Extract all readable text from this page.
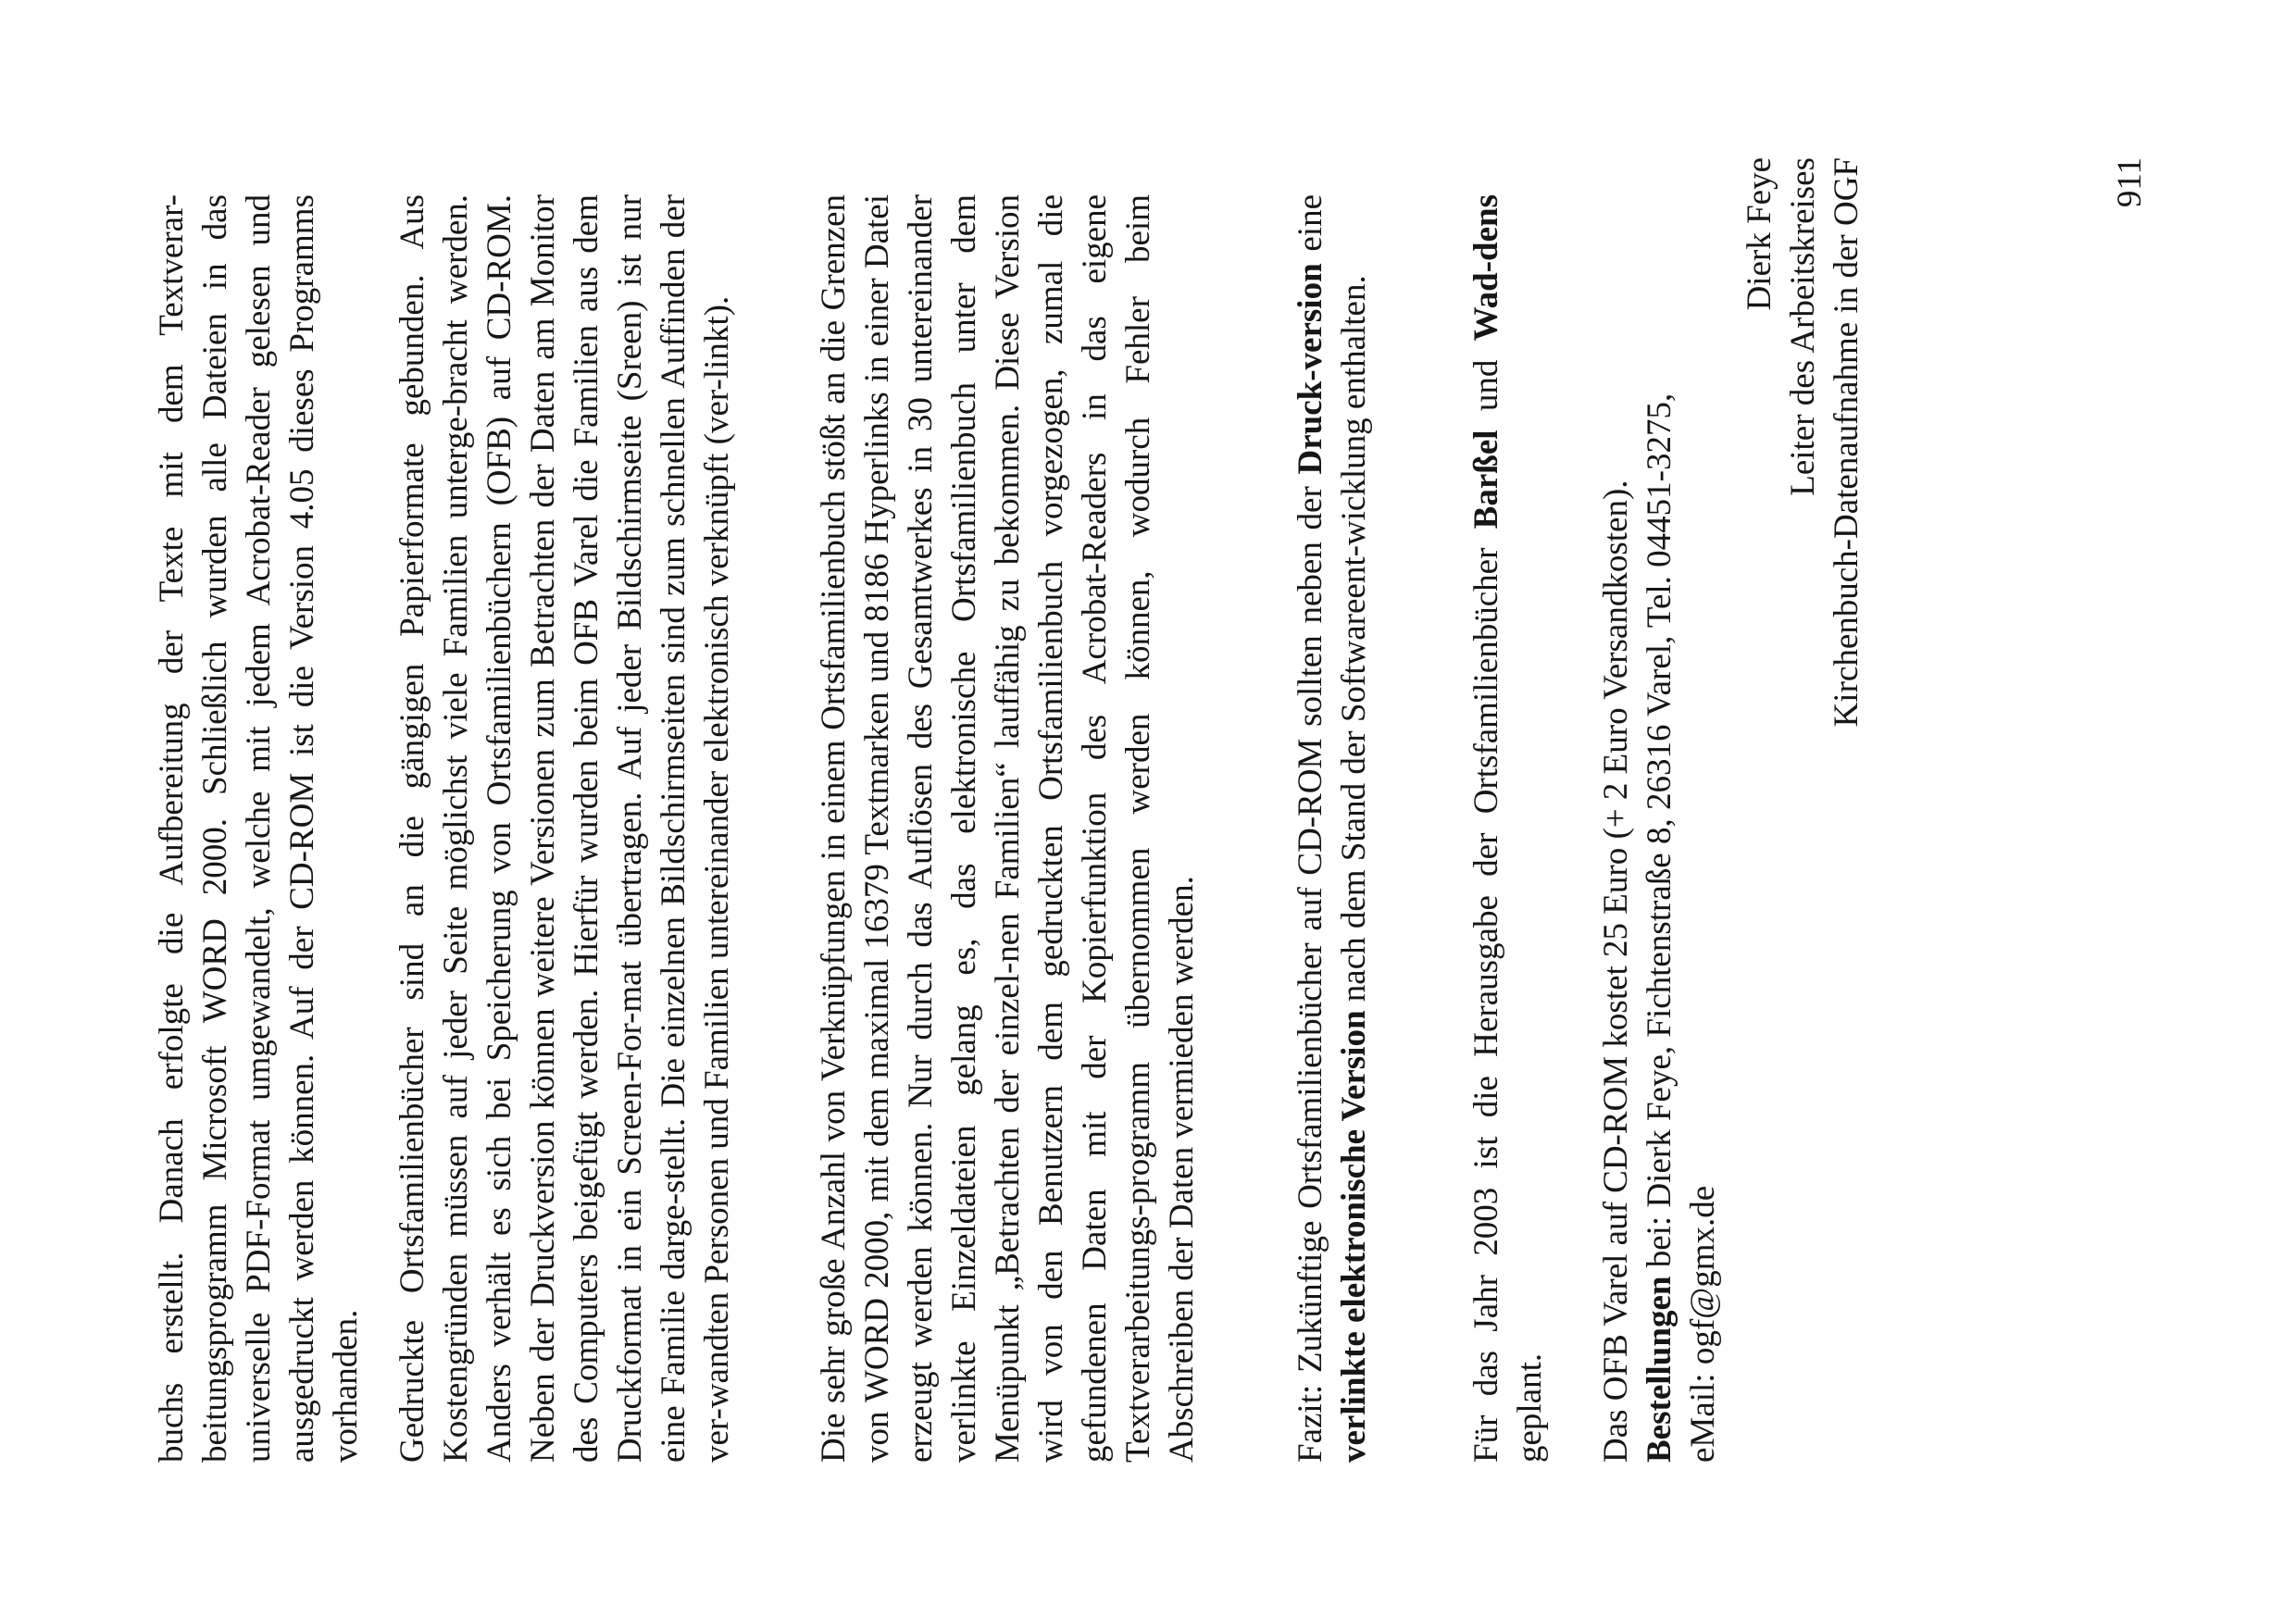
buchs erstellt. Danach erfolgte die Aufbereitung der Texte mit dem Textverar-beitungsprogramm Microsoft WORD 2000. Schließlich wurden alle Dateien in das universelle PDF-Format umgewandelt, welche mit jedem Acrobat-Reader gelesen und ausgedruckt werden können. Auf der CD-ROM ist die Version 4.05 dieses Programms vorhanden. Gedruckte Ortsfamilienbücher sind an die gängigen Papierformate gebunden. Aus Kostengründen müssen auf jeder Seite möglichst viele Familien unterge-bracht werden. Anders verhält es sich bei Speicherung von Ortsfamilienbüchern (OFB) auf CD-ROM. Neben der Druckversion können weitere Versionen zum Betrachten der Daten am Monitor des Computers beigefügt werden. Hierfür wurden beim OFB Varel die Familien aus dem Druckformat in ein Screen-For-mat übertragen. Auf jeder Bildschirmseite (Sreen) ist nur eine Familie darge-stellt. Die einzelnen Bildschirmseiten sind zum schnellen Auffinden der ver-wandten Personen und Familien untereinander elektronisch verknüpft (ver-linkt). Die sehr große Anzahl von Verknüpfungen in einem Ortsfamilienbuch stößt an die Grenzen von WORD 2000, mit dem maximal 16379 Textmarken und 8186 Hyperlinks in einer Datei erzeugt werden können. Nur durch das Auflösen des Gesamtwerkes in 30 untereinander verlinkte Einzeldateien gelang es, das elektronische Ortsfamilienbuch unter dem Menüpunkt „Betrachten der einzel-nen Familien“ lauffähig zu bekommen. Diese Version wird von den Benutzern dem gedruckten Ortsfamilienbuch vorgezogen, zumal die gefundenen Daten mit der Kopierfunktion des Acrobat-Readers in das eigene Textverarbeitungs-programm übernommen werden können, wodurch Fehler beim Abschreiben der Daten vermieden werden.	Fazit: Zukünftige Ortsfamilienbücher auf CD-ROM sollten neben der Druck-version eine verlinkte elektronische Version nach dem Stand der Softwareent-wicklung enthalten.	Für das Jahr 2003 ist die Herausgabe der Ortsfamilienbücher Barßel und Wad-dens geplant. Das OFB Varel auf CD-ROM kostet 25 Euro (+ 2 Euro Versandkosten). Bestellungen bei: Dierk Feye, Fichtenstraße 8, 26316 Varel, Tel. 04451-3275,
eMail: ogf@gmx.de

Dierk Feye Leiter des Arbeitskreises Kirchenbuch-Datenaufnahme in der OGF	911
